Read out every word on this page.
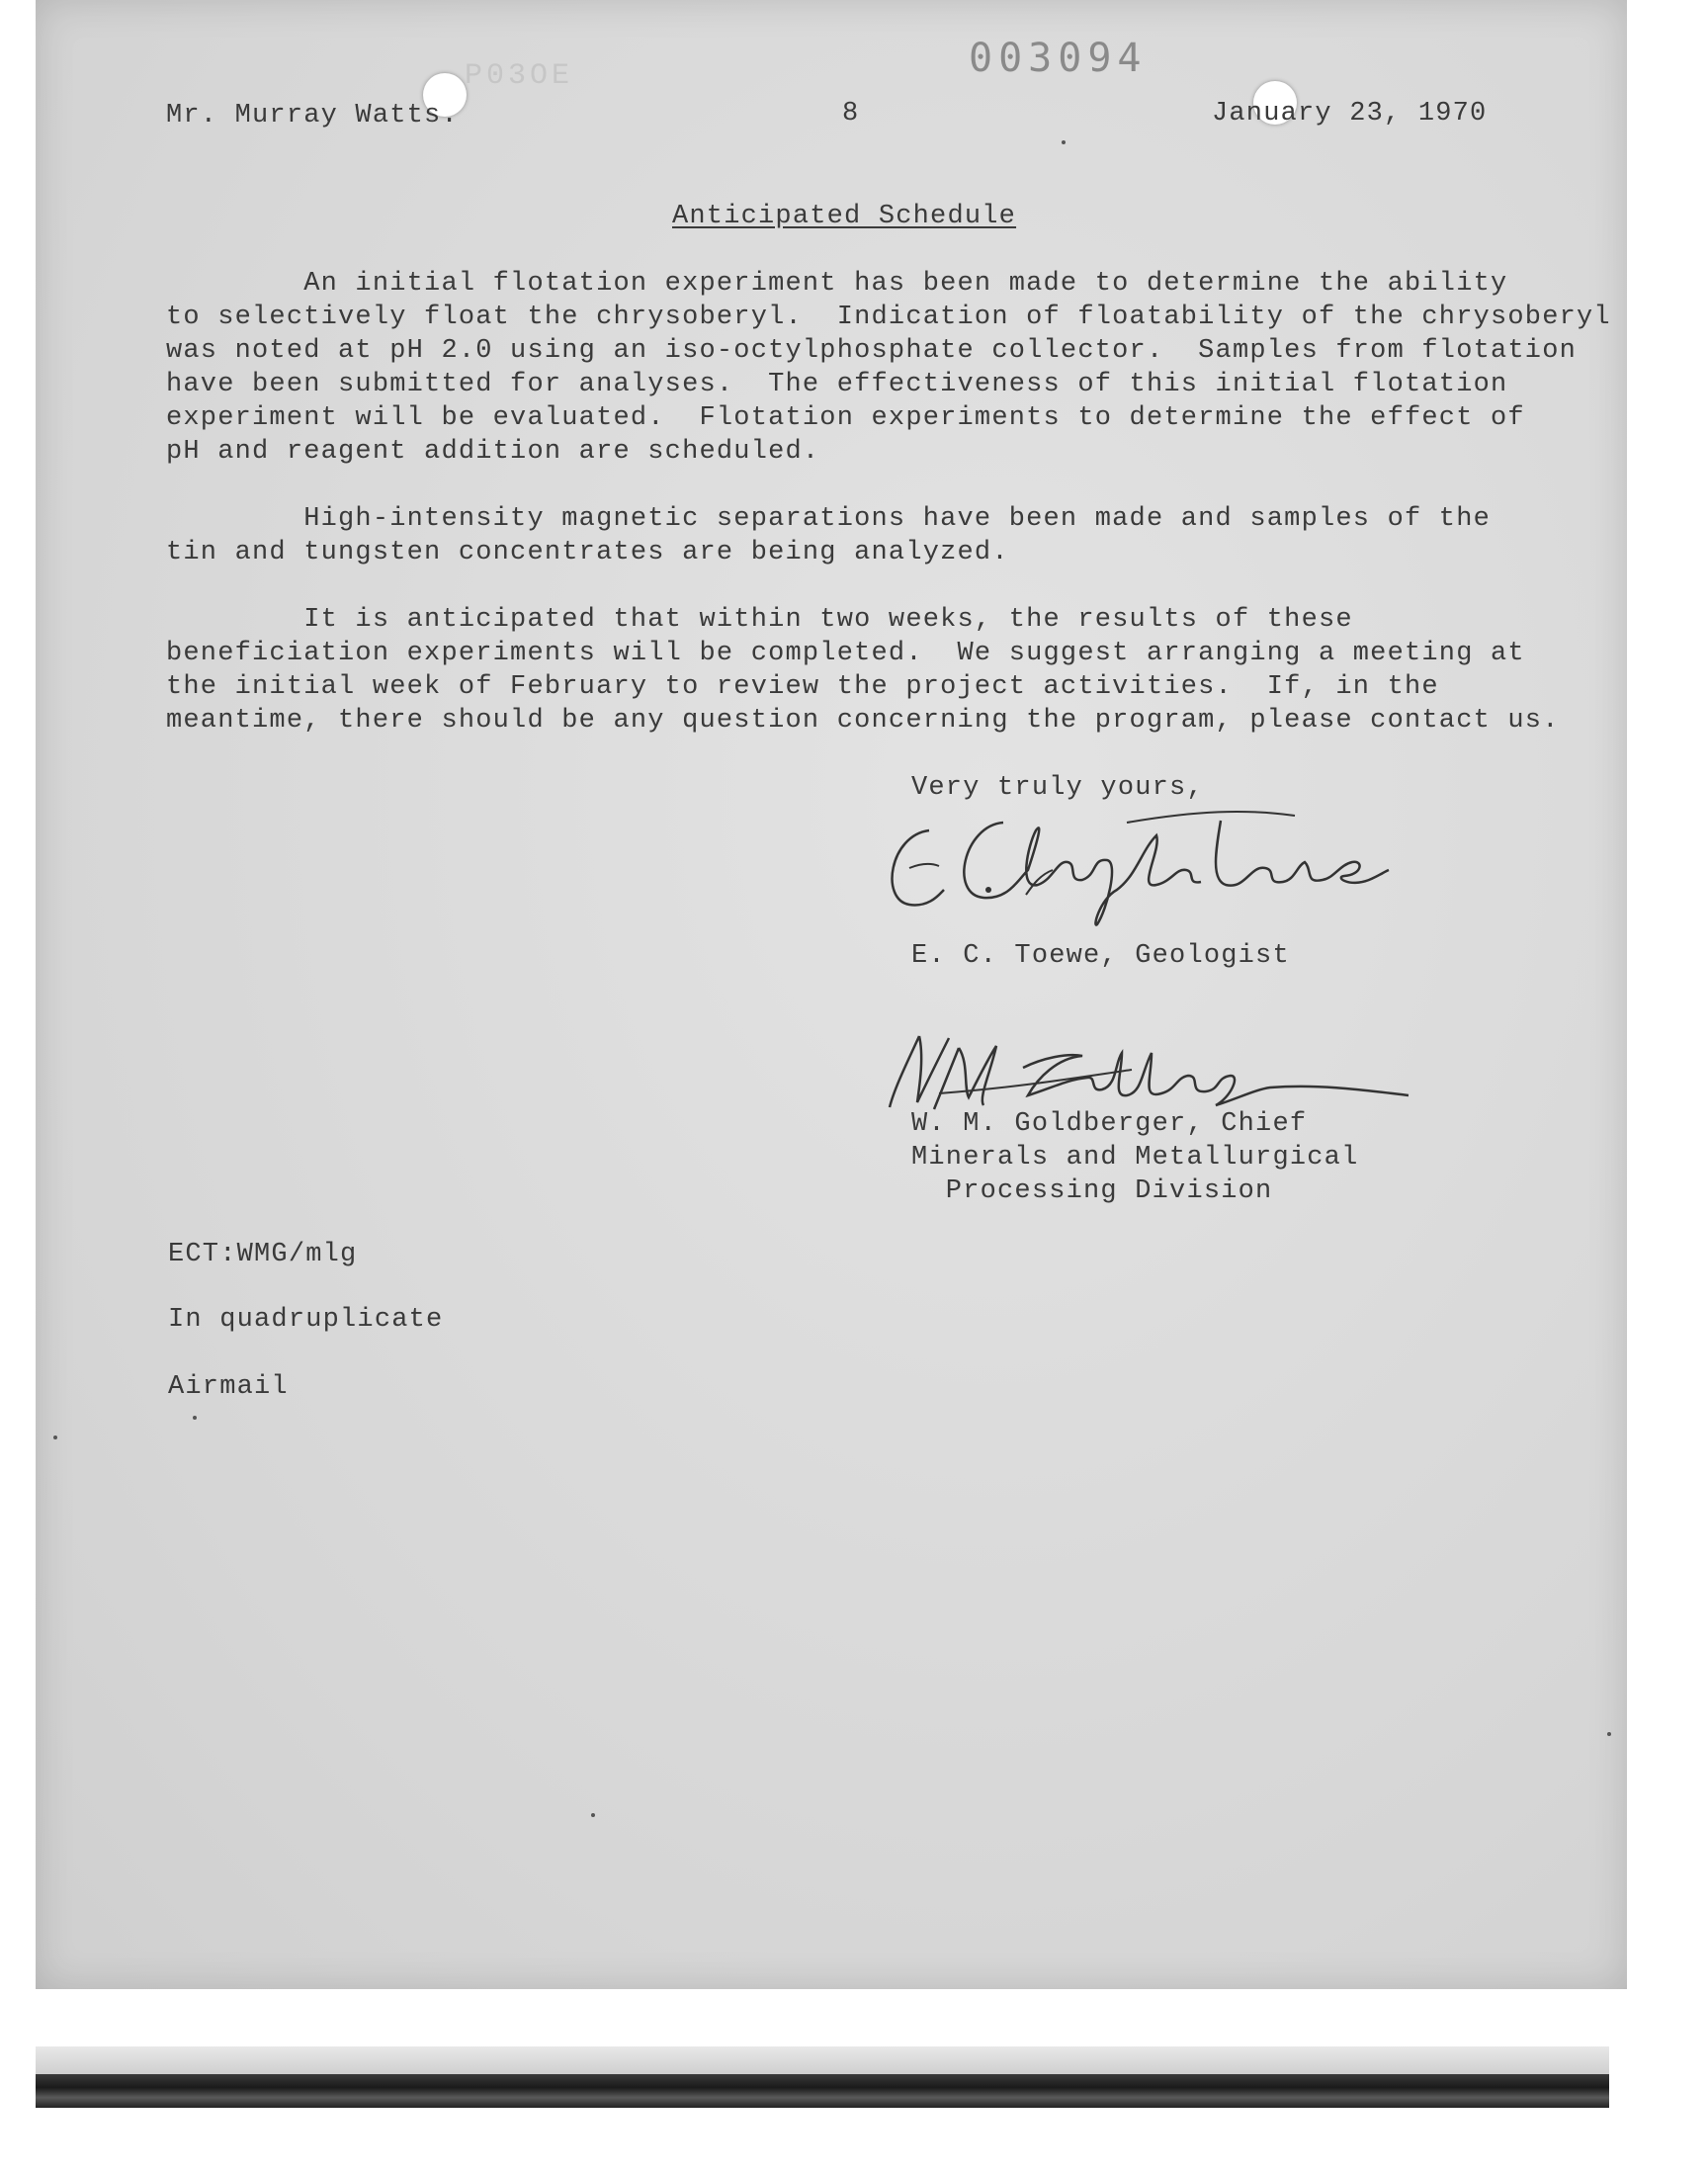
P03OE	003094
Mr. Murray Watts.	8	January 23, 1970
Anticipated Schedule
An initial flotation experiment has been made to determine the ability
to selectively float the chrysoberyl.  Indication of floatability of the chrysoberyl
was noted at pH 2.0 using an iso-octylphosphate collector.  Samples from flotation
have been submitted for analyses.  The effectiveness of this initial flotation
experiment will be evaluated.  Flotation experiments to determine the effect of
pH and reagent addition are scheduled.
High-intensity magnetic separations have been made and samples of the
tin and tungsten concentrates are being analyzed.
It is anticipated that within two weeks, the results of these
beneficiation experiments will be completed.  We suggest arranging a meeting at
the initial week of February to review the project activities.  If, in the
meantime, there should be any question concerning the program, please contact us.
Very truly yours,
E. C. Toewe, Geologist
W. M. Goldberger, Chief
Minerals and Metallurgical
Processing Division
ECT:WMG/mlg
In quadruplicate
Airmail
